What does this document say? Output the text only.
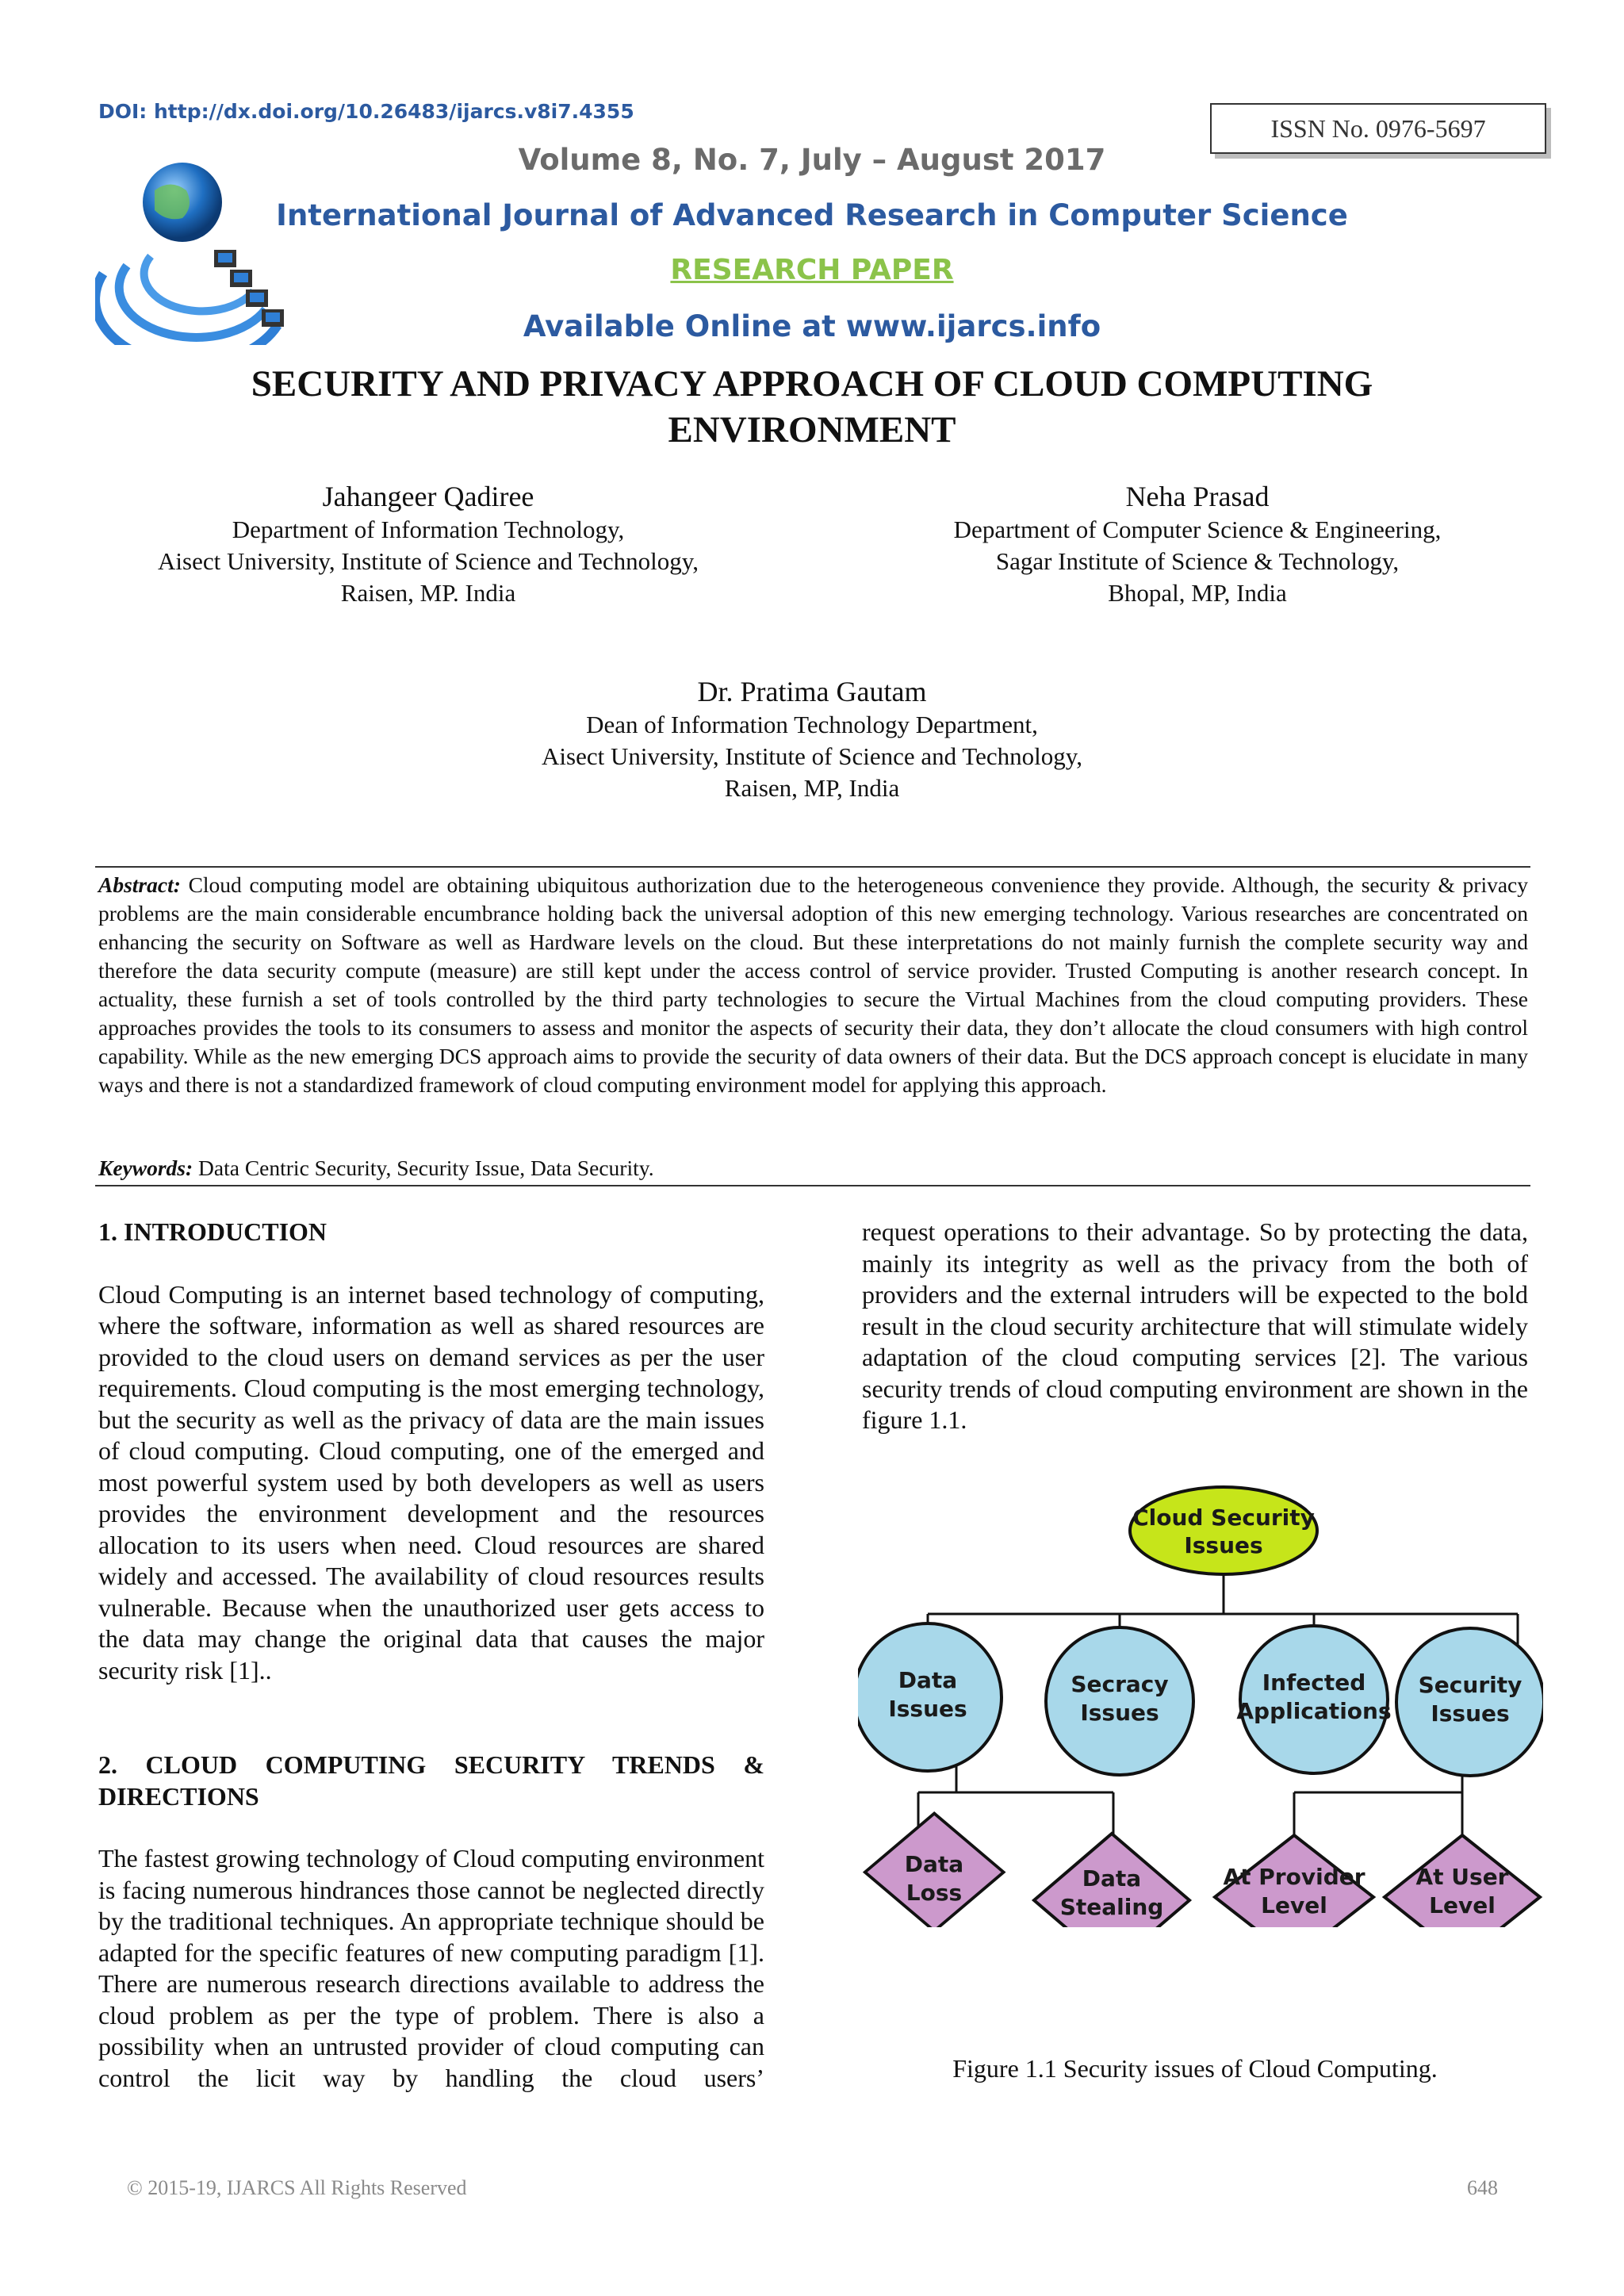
DOI: http://dx.doi.org/10.26483/ijarcs.v8i7.4355
ISSN No. 0976-5697
Volume 8, No. 7, July – August 2017
International Journal of Advanced Research in Computer Science
RESEARCH PAPER
Available Online at www.ijarcs.info
SECURITY AND PRIVACY APPROACH OF CLOUD COMPUTING
ENVIRONMENT
Jahangeer Qadiree
Department of Information Technology,
Aisect University, Institute of Science and Technology,
Raisen, MP. India
Neha Prasad
Department of Computer Science & Engineering,
Sagar Institute of Science & Technology,
Bhopal, MP, India
Dr. Pratima Gautam
Dean of Information Technology Department,
Aisect University, Institute of Science and Technology,
Raisen, MP, India
Abstract: Cloud computing model are obtaining ubiquitous authorization due to the heterogeneous convenience they provide. Although, the security & privacy problems are the main considerable encumbrance holding back the universal adoption of this new emerging technology. Various researches are concentrated on enhancing the security on Software as well as Hardware levels on the cloud. But these interpretations do not mainly furnish the complete security way and therefore the data security compute (measure) are still kept under the access control of service provider. Trusted Computing is another research concept. In actuality, these furnish a set of tools controlled by the third party technologies to secure the Virtual Machines from the cloud computing providers. These approaches provides the tools to its consumers to assess and monitor the aspects of security their data, they don’t allocate the cloud consumers with high control capability. While as the new emerging DCS approach aims to provide the security of data owners of their data. But the DCS approach concept is elucidate in many ways and there is not a standardized framework of cloud computing environment model for applying this approach.
Keywords: Data Centric Security, Security Issue, Data Security.
1. INTRODUCTION

Cloud Computing is an internet based technology of computing, where the software, information as well as shared resources are provided to the cloud users on demand services as per the user requirements. Cloud computing is the most emerging technology, but the security as well as the privacy of data are the main issues of cloud computing. Cloud computing, one of the emerged and most powerful system used by both developers as well as users provides the environment development and the resources allocation to its users when need. Cloud resources are shared widely and accessed. The availability of cloud resources results vulnerable. Because when the unauthorized user gets access to the data may change the original data that causes the major security risk [1]..

2. CLOUD COMPUTING SECURITY TRENDS &
DIRECTIONS

The fastest growing technology of Cloud computing environment is facing numerous hindrances those cannot be neglected directly by the traditional techniques. An appropriate technique should be adapted for the specific features of new computing paradigm [1]. There are numerous research directions available to address the cloud problem as per the type of problem. There is also a possibility when an untrusted provider of cloud computing can control the licit way by handling the cloud users’

request operations to their advantage. So by protecting the data, mainly its integrity as well as the privacy from the both of providers and the external intruders will be expected to the bold result in the cloud security architecture that will stimulate widely adaptation of the cloud computing services [2]. The various security trends of cloud computing environment are shown in the figure 1.1.

Cloud Security
Issues
Data
Issues
Secracy
Issues
Infected
Applications
Security
Issues
Data
Loss
Data
Stealing
At Provider
Level
At User
Level
Figure 1.1 Security issues of Cloud Computing.
© 2015-19, IJARCS All Rights Reserved	648
